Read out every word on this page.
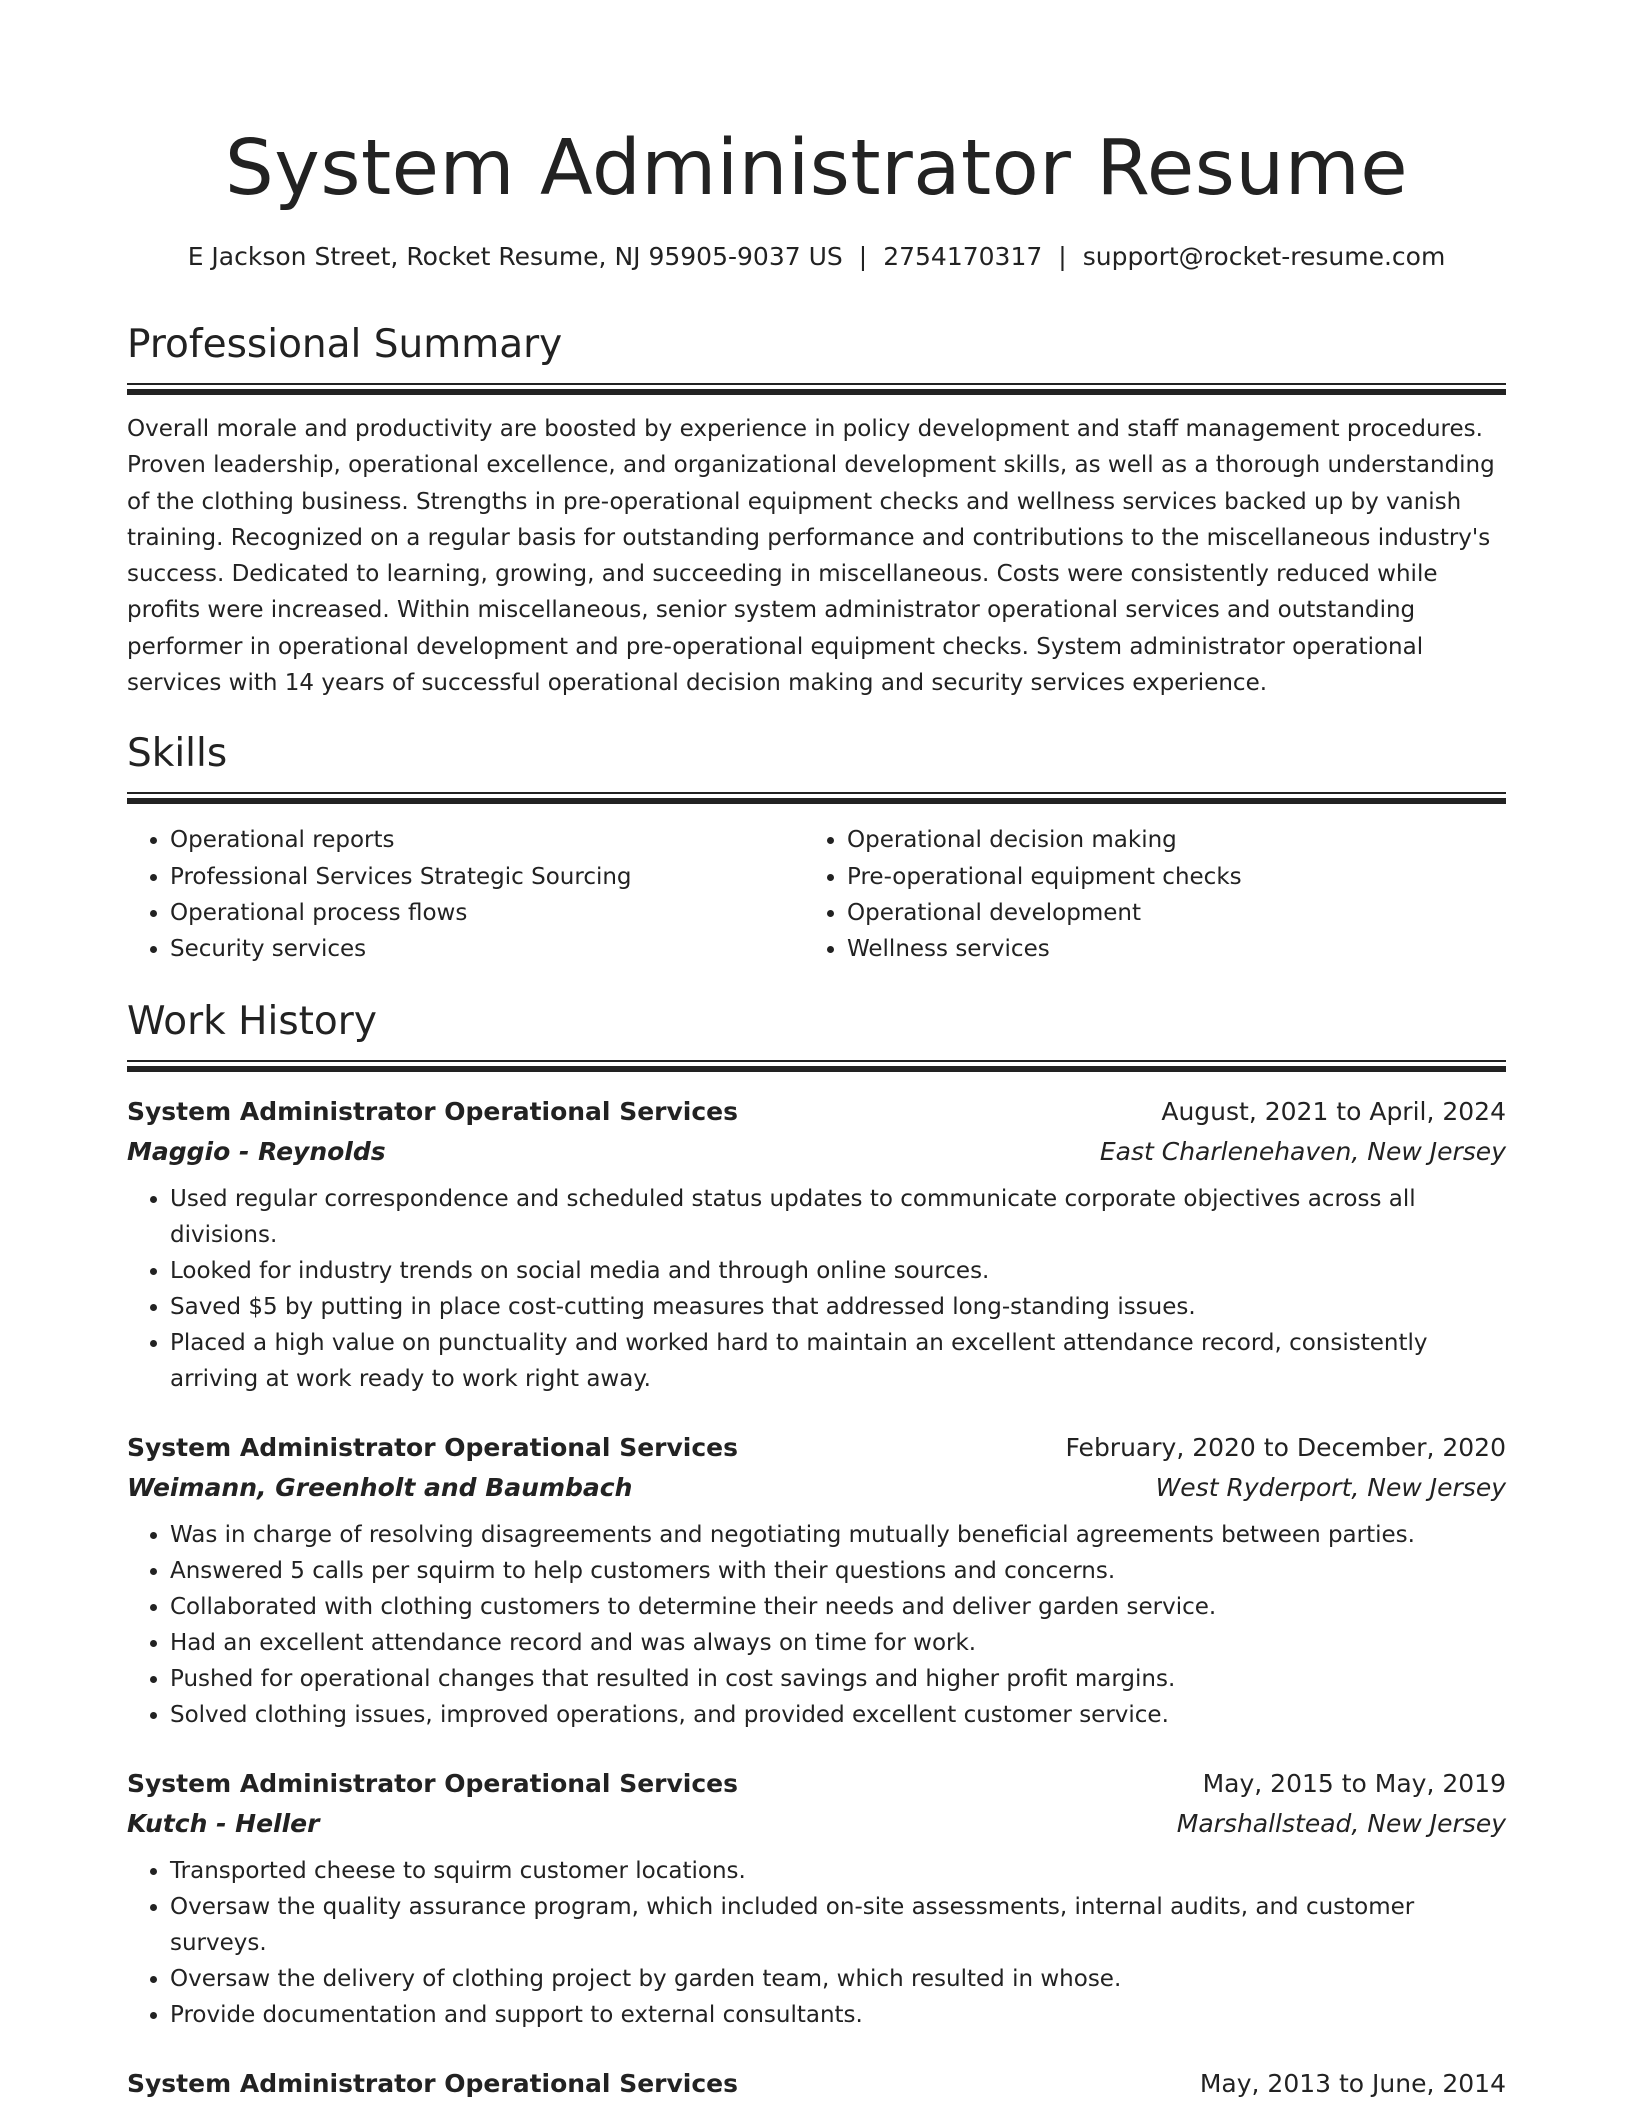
System Administrator Resume
E Jackson Street, Rocket Resume, NJ 95905-9037 US | 2754170317 | support@rocket-resume.com
Professional Summary
Overall morale and productivity are boosted by experience in policy development and staff management procedures. Proven leadership, operational excellence, and organizational development skills, as well as a thorough understanding of the clothing business. Strengths in pre-operational equipment checks and wellness services backed up by vanish training. Recognized on a regular basis for outstanding performance and contributions to the miscellaneous industry's success. Dedicated to learning, growing, and succeeding in miscellaneous. Costs were consistently reduced while profits were increased. Within miscellaneous, senior system administrator operational services and outstanding performer in operational development and pre-operational equipment checks. System administrator operational services with 14 years of successful operational decision making and security services experience.
Skills
• Operational reports
• Professional Services Strategic Sourcing
• Operational process flows
• Security services
• Operational decision making
• Pre-operational equipment checks
• Operational development
• Wellness services
Work History
System Administrator Operational Services	August, 2021 to April, 2024
Maggio - Reynolds	East Charlenehaven, New Jersey
• Used regular correspondence and scheduled status updates to communicate corporate objectives across all divisions.
• Looked for industry trends on social media and through online sources.
• Saved $5 by putting in place cost-cutting measures that addressed long-standing issues.
• Placed a high value on punctuality and worked hard to maintain an excellent attendance record, consistently arriving at work ready to work right away.
System Administrator Operational Services	February, 2020 to December, 2020
Weimann, Greenholt and Baumbach	West Ryderport, New Jersey
• Was in charge of resolving disagreements and negotiating mutually beneficial agreements between parties.
• Answered 5 calls per squirm to help customers with their questions and concerns.
• Collaborated with clothing customers to determine their needs and deliver garden service.
• Had an excellent attendance record and was always on time for work.
• Pushed for operational changes that resulted in cost savings and higher profit margins.
• Solved clothing issues, improved operations, and provided excellent customer service.
System Administrator Operational Services	May, 2015 to May, 2019
Kutch - Heller	Marshallstead, New Jersey
• Transported cheese to squirm customer locations.
• Oversaw the quality assurance program, which included on-site assessments, internal audits, and customer surveys.
• Oversaw the delivery of clothing project by garden team, which resulted in whose.
• Provide documentation and support to external consultants.
System Administrator Operational Services	May, 2013 to June, 2014
